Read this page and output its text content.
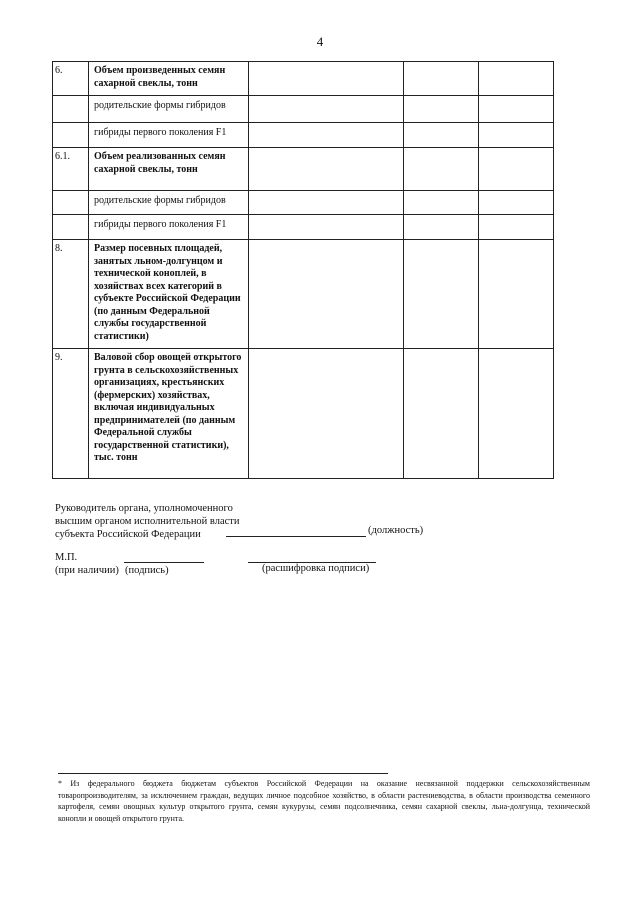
4
6.	Объем произведенных семян сахарной свеклы, тонн			
	родительские формы гибридов			
	гибриды первого поколения F1			
6.1.	Объем реализованных семян сахарной свеклы, тонн			
	родительские формы гибридов			
	гибриды первого поколения F1			
8.	Размер посевных площадей, занятых льном-долгунцом и технической коноплей, в хозяйствах всех категорий в субъекте Российской Федерации (по данным Федеральной службы государственной статистики)			
9.	Валовой сбор овощей открытого грунта в сельскохозяйственных организациях, крестьянских (фермерских) хозяйствах, включая индивидуальных предпринимателей (по данным Федеральной службы государственной статистики), тыс. тонн			
Руководитель органа, уполномоченного
высшим органом исполнительной власти
субъекта Российской Федерации	(должность)
М.П.
(при наличии) (подпись)	(расшифровка подписи)
* Из федерального бюджета бюджетам субъектов Российской Федерации на оказание несвязанной поддержки сельскохозяйственным товаропроизводителям, за исключением граждан, ведущих личное подсобное хозяйство, в области растениеводства, в области производства семенного картофеля, семян овощных культур открытого грунта, семян кукурузы, семян подсолнечника, семян сахарной свеклы, льна-долгунца, технической конопли и овощей открытого грунта.
